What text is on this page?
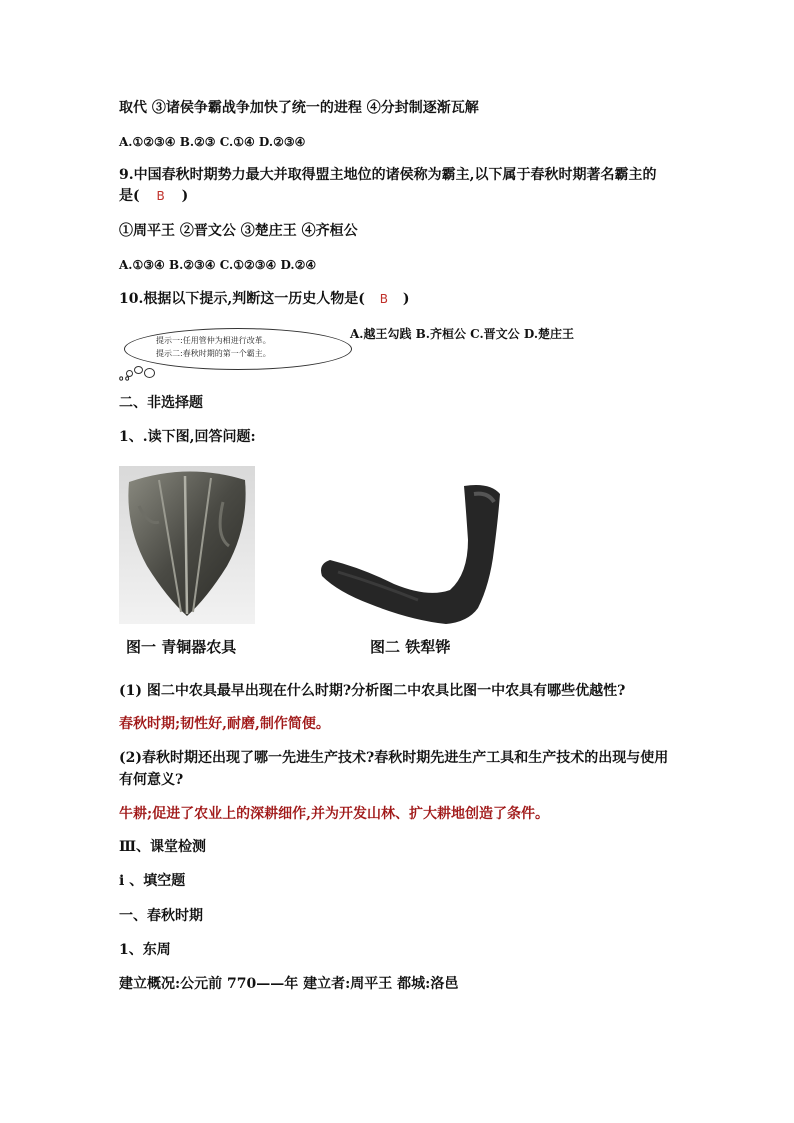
取代 ③诸侯争霸战争加快了统一的进程 ④分封制逐渐瓦解
A.①②③④ B.②③ C.①④ D.②③④
9.中国春秋时期势力最大并取得盟主地位的诸侯称为霸主,以下属于春秋时期著名霸主的
是( B )
①周平王 ②晋文公 ③楚庄王 ④齐桓公
A.①③④ B.②③④ C.①②③④ D.②④
10.根据以下提示,判断这一历史人物是( B )
提示一:任用管仲为相进行改革。
提示二:春秋时期的第一个霸主。
A.越王勾践 B.齐桓公 C.晋文公 D.楚庄王
。。
二、非选择题
1、.读下图,回答问题:
图一 青铜器农具	图二 铁犁铧
(1) 图二中农具最早出现在什么时期?分析图二中农具比图一中农具有哪些优越性?
春秋时期;韧性好,耐磨,制作简便。
(2)春秋时期还出现了哪一先进生产技术?春秋时期先进生产工具和生产技术的出现与使用
有何意义?
牛耕;促进了农业上的深耕细作,并为开发山林、扩大耕地创造了条件。
Ⅲ、课堂检测
i 、填空题
一、春秋时期
1、东周
建立概况:公元前 770——年 建立者:周平王 都城:洛邑
